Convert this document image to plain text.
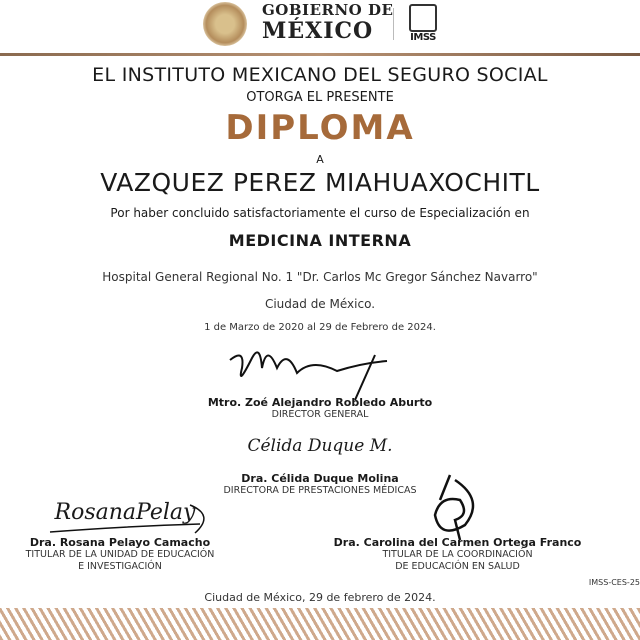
GOBIERNO DE
MÉXICO	IMSS
EL INSTITUTO MEXICANO DEL SEGURO SOCIAL
OTORGA EL PRESENTE
DIPLOMA
A
VAZQUEZ PEREZ MIAHUAXOCHITL
Por haber concluido satisfactoriamente el curso de Especialización en
MEDICINA INTERNA
Hospital General Regional No. 1 "Dr. Carlos Mc Gregor Sánchez Navarro"
Ciudad de México.
1 de Marzo de 2020 al 29 de Febrero de 2024.
Mtro. Zoé Alejandro Robledo Aburto
DIRECTOR GENERAL
Célida Duque M.
Dra. Célida Duque Molina
DIRECTORA DE PRESTACIONES MÉDICAS
RosanaPelay
Dra. Rosana Pelayo Camacho
TITULAR DE LA UNIDAD DE EDUCACIÓN
E INVESTIGACIÓN
Dra. Carolina del Carmen Ortega Franco
TITULAR DE LA COORDINACIÓN
DE EDUCACIÓN EN SALUD
IMSS-CES-25
Ciudad de México, 29 de febrero de 2024.
